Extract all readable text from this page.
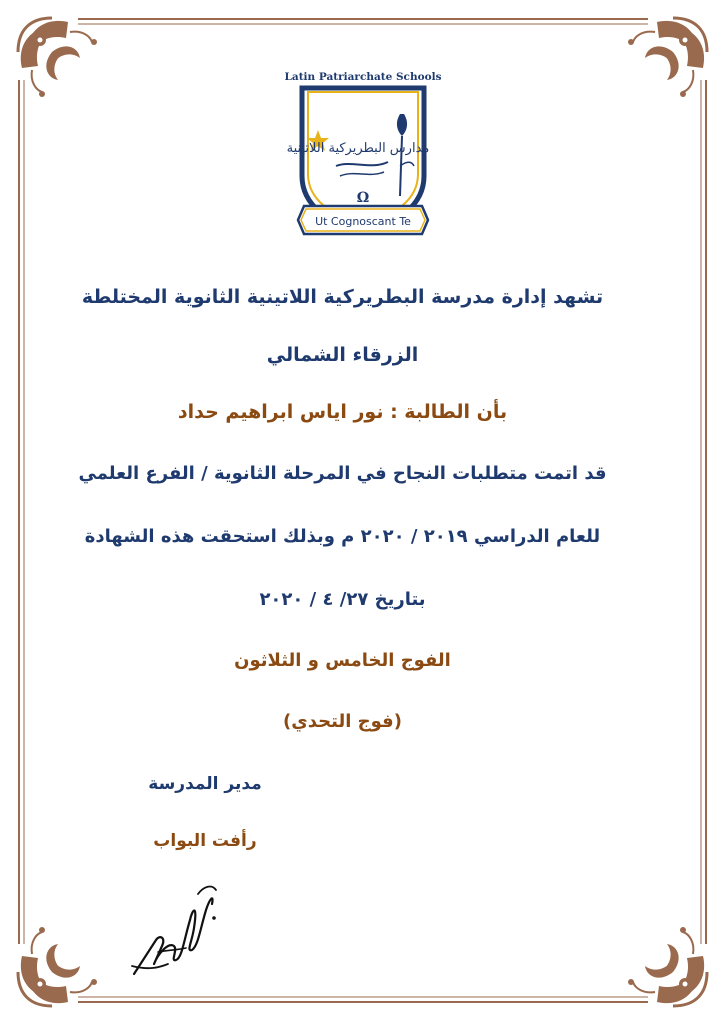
Latin Patriarchate Schools
مدارس البطريركية اللاتينية
Ω
Ut Cognoscant Te

تشهد إدارة مدرسة البطريركية اللاتينية الثانوية المختلطة

الزرقاء الشمالي

بأن الطالبة : نور اياس ابراهيم حداد

قد اتمت متطلبات النجاح في المرحلة الثانوية / الفرع العلمي

للعام الدراسي ٢٠١٩ / ٢٠٢٠ م وبذلك استحقت هذه الشهادة

بتاريخ ٢٧/ ٤ / ٢٠٢٠

الفوج الخامس و الثلاثون

(فوج التحدي)

مدير المدرسة

رأفت البواب
